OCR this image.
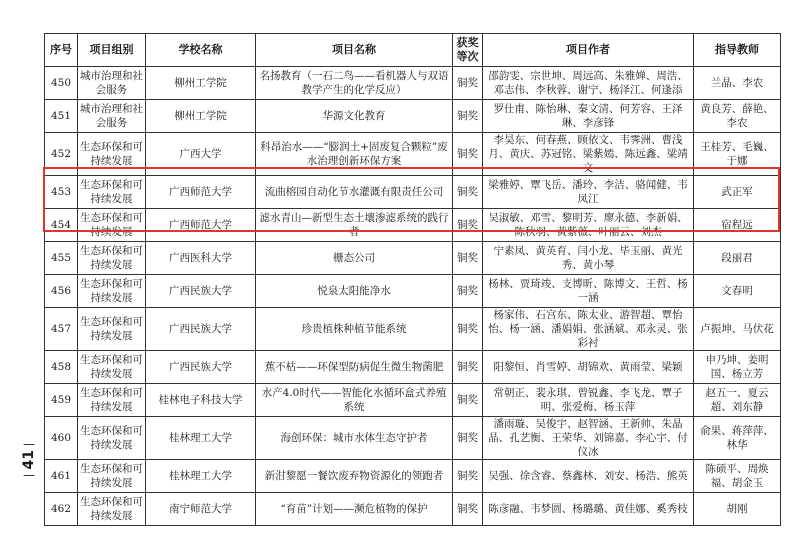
—
41
—
序号	项目组别	学校名称	项目名称	获奖等次	项目作者	指导教师
450	城市治理和社会服务	柳州工学院	名扬教育（一石二鸟——看机器人与双语教学产生的化学反应）	铜奖	邵韵雯、宗世坤、周远高、朱雅婵、周浩、邓志伟、李秋蓉、谢宁、杨泽江、何逢添	兰晶、李农
451	城市治理和社会服务	柳州工学院	华源文化教育	铜奖	罗仕甫、陈怡琳、秦文清、何芳容、王泽琳、李彦锋	黄良芳、薛艳、李农
452	生态环保和可持续发展	广西大学	科昂治水——“膨润土+固废复合颗粒”废水治理创新环保方案	铜奖	李昊东、何春燕、顾依文、韦霁洲、曹浅月、黄庆、苏冠铭、梁紫嫣、陈远鑫、梁靖文	王桂芳、毛巍、于娜
453	生态环保和可持续发展	广西师范大学	流曲榕园自动化节水灌溉有限责任公司	铜奖	梁雅婷、覃飞岳、潘玲、李洁、骆闻健、韦凤江	武正军
454	生态环保和可持续发展	广西师范大学	滤水青山—新型生态土壤渗滤系统的践行者	铜奖	吴淑敏、邓雪、黎明芳、廖永德、李新娟、陈秋羽、黄紫薇、叶丽云、刘杰	宿程远
455	生态环保和可持续发展	广西医科大学	栅态公司	铜奖	宁素凤、黄英育、闫小龙、毕玉丽、黄光秀、黄小琴	段丽君
456	生态环保和可持续发展	广西民族大学	悦泉太阳能净水	铜奖	杨林、贾琦竣、支博昕、陈博文、王哲、杨一涵	文春明
457	生态环保和可持续发展	广西民族大学	珍贵植株种植节能系统	铜奖	杨家伟、石宫东、陈太业、游智超、覃怡怡、杨一涵、潘娟娟、张涵斌、邓永灵、张彩衬	卢振坤、马伏花
458	生态环保和可持续发展	广西民族大学	蕉不枯——环保型防病促生微生物菌肥	铜奖	阳黎恒、肖雪婷、胡锦欢、黄雨莹、梁颖	申乃坤、姜明国、杨立芳
459	生态环保和可持续发展	桂林电子科技大学	水产4.0时代——智能化水循环盒式养殖系统	铜奖	常朝正、裴永琪、曾锐鑫、李飞龙、覃子明、张爱梅、杨玉萍	赵五一、夏云超、刘东静
460	生态环保和可持续发展	桂林理工大学	海创环保：城市水体生态守护者	铜奖	潘雨璇、吴俊宇、赵智涵、王新帅、朱晶晶、孔艺衡、王荣华、刘锦嘉、李心宇、付仪冰	俞果、蒋萍萍、林华
461	生态环保和可持续发展	桂林理工大学	新泔黎愿一餐饮废弃物资源化的领跑者	铜奖	吴强、徐含睿、蔡鑫林、刘安、杨浩、熊英	陈硕平、周焕福、胡金玉
462	生态环保和可持续发展	南宁师范大学	“育苗”计划——濒危植物的保护	铜奖	陈彦融、韦梦圆、杨璐璐、黄佳娜、奚秀枝	胡刚
